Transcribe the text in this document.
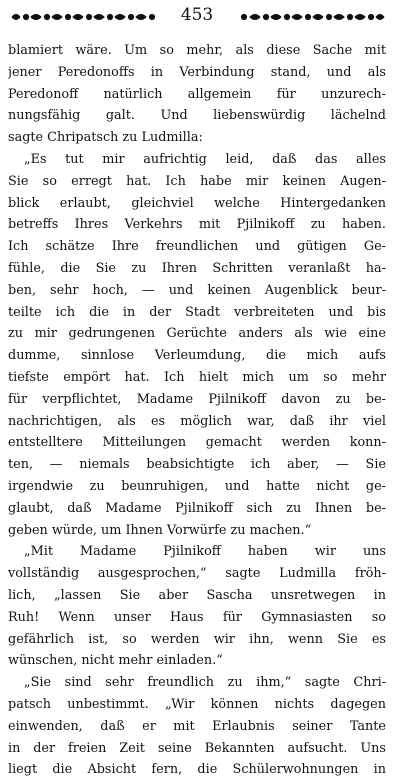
453
blamiert wäre. Um so mehr, als diese Sache mit
jener Peredonoffs in Verbindung stand, und als
Peredonoff natürlich allgemein für unzurech-
nungsfähig galt. Und liebenswürdig lächelnd
sagte Chripatsch zu Ludmilla:
„Es tut mir aufrichtig leid, daß das alles
Sie so erregt hat. Ich habe mir keinen Augen-
blick erlaubt, gleichviel welche Hintergedanken
betreffs Ihres Verkehrs mit Pjilnikoff zu haben.
Ich schätze Ihre freundlichen und gütigen Ge-
fühle, die Sie zu Ihren Schritten veranlaßt ha-
ben, sehr hoch, — und keinen Augenblick beur-
teilte ich die in der Stadt verbreiteten und bis
zu mir gedrungenen Gerüchte anders als wie eine
dumme, sinnlose Verleumdung, die mich aufs
tiefste empört hat. Ich hielt mich um so mehr
für verpflichtet, Madame Pjilnikoff davon zu be-
nachrichtigen, als es möglich war, daß ihr viel
entstelltere Mitteilungen gemacht werden konn-
ten, — niemals beabsichtigte ich aber, — Sie
irgendwie zu beunruhigen, und hatte nicht ge-
glaubt, daß Madame Pjilnikoff sich zu Ihnen be-
geben würde, um Ihnen Vorwürfe zu machen.“
„Mit Madame Pjilnikoff haben wir uns
vollständig ausgesprochen,“ sagte Ludmilla fröh-
lich, „lassen Sie aber Sascha unsretwegen in
Ruh! Wenn unser Haus für Gymnasiasten so
gefährlich ist, so werden wir ihn, wenn Sie es
wünschen, nicht mehr einladen.“
„Sie sind sehr freundlich zu ihm,“ sagte Chri-
patsch unbestimmt. „Wir können nichts dagegen
einwenden, daß er mit Erlaubnis seiner Tante
in der freien Zeit seine Bekannten aufsucht. Uns
liegt die Absicht fern, die Schülerwohnungen in
